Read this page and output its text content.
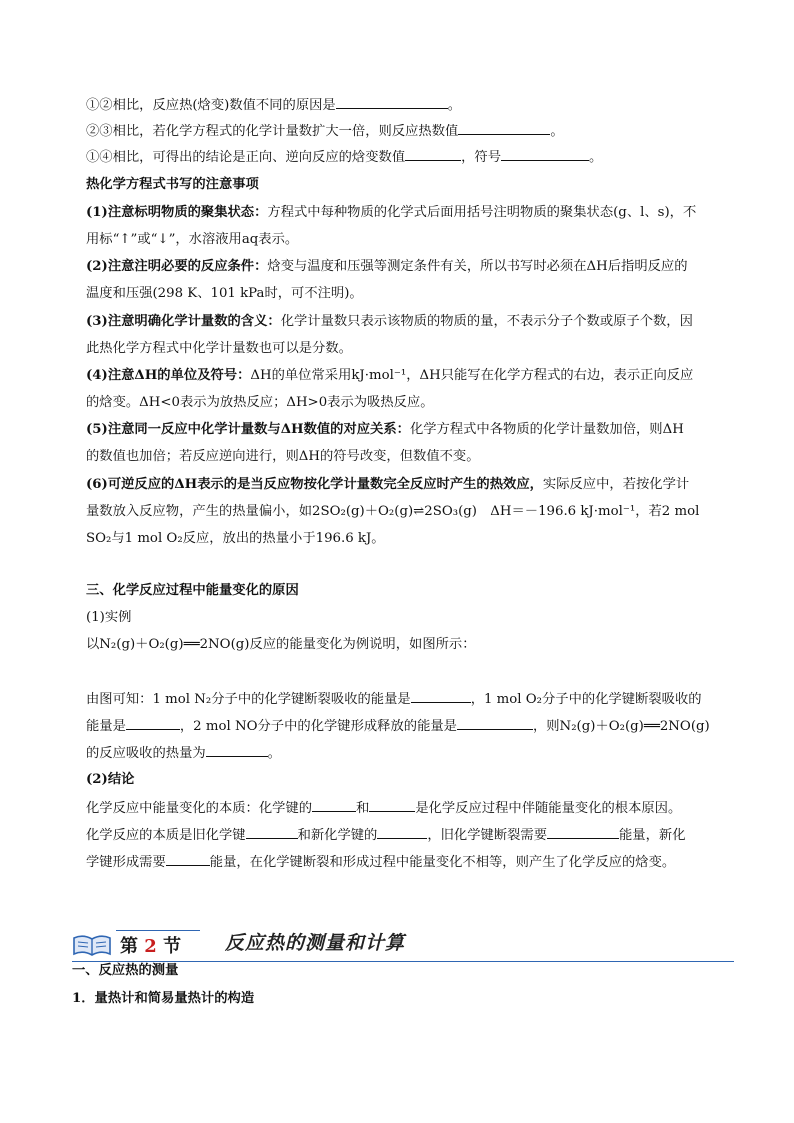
①②相比，反应热(焓变)数值不同的原因是	。
②③相比，若化学方程式的化学计量数扩大一倍，则反应热数值	。
①④相比，可得出的结论是正向、逆向反应的焓变数值	，符号	。
热化学方程式书写的注意事项
(1)注意标明物质的聚集状态：方程式中每种物质的化学式后面用括号注明物质的聚集状态(g、l、s)，不
用标“↑”或“↓”，水溶液用aq表示。
(2)注意注明必要的反应条件：焓变与温度和压强等测定条件有关，所以书写时必须在ΔH后指明反应的
温度和压强(298 K、101 kPa时，可不注明)。
(3)注意明确化学计量数的含义：化学计量数只表示该物质的物质的量，不表示分子个数或原子个数，因
此热化学方程式中化学计量数也可以是分数。
(4)注意ΔH的单位及符号：ΔH的单位常采用kJ·mol⁻¹，ΔH只能写在化学方程式的右边，表示正向反应
的焓变。ΔH<0表示为放热反应；ΔH>0表示为吸热反应。
(5)注意同一反应中化学计量数与ΔH数值的对应关系：化学方程式中各物质的化学计量数加倍，则ΔH
的数值也加倍；若反应逆向进行，则ΔH的符号改变，但数值不变。
(6)可逆反应的ΔH表示的是当反应物按化学计量数完全反应时产生的热效应，实际反应中，若按化学计
量数放入反应物，产生的热量偏小，如2SO₂(g)＋O₂(g)⇌2SO₃(g)　ΔH＝－196.6 kJ·mol⁻¹，若2 mol
SO₂与1 mol O₂反应，放出的热量小于196.6 kJ。
三、化学反应过程中能量变化的原因
(1)实例
以N₂(g)＋O₂(g)══2NO(g)反应的能量变化为例说明，如图所示：
由图可知：1 mol N₂分子中的化学键断裂吸收的能量是	，1 mol O₂分子中的化学键断裂吸收的
能量是	，2 mol NO分子中的化学键形成释放的能量是	，则N₂(g)＋O₂(g)══2NO(g)
的反应吸收的热量为	。
(2)结论
化学反应中能量变化的本质：化学键的	和	是化学反应过程中伴随能量变化的根本原因。
化学反应的本质是旧化学键	和新化学键的	，旧化学键断裂需要	能量，新化
学键形成需要	能量，在化学键断裂和形成过程中能量变化不相等，则产生了化学反应的焓变。
第 2 节 反应热的测量和计算
一、反应热的测量
1．量热计和简易量热计的构造
